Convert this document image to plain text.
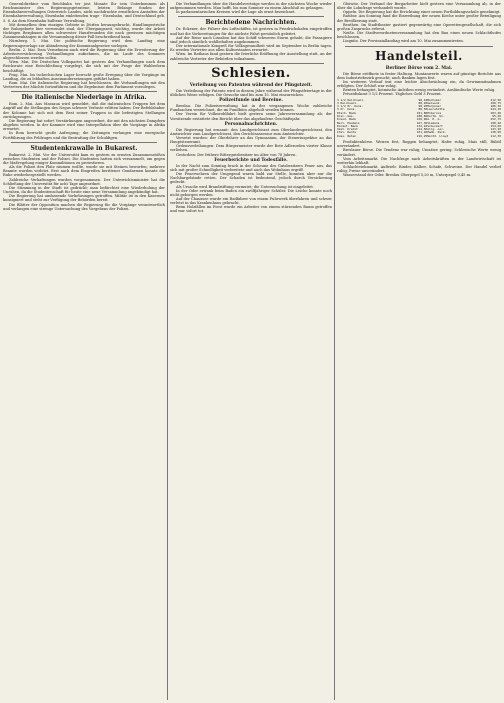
Generaldirektor vom Reichbahn ter just Monate Ihr sein Unterkommen als Reichsminister des Regierungsgetratene, letzten Belange fonden der Eisenbahnvervollungen Osterreich Landes, nicht nachdruckte ernstlichen Anstalten der Eisenbahnverwaltung, Eisenbahn einleitenden trage - Eisenbahn, und Deutschland geb. 5. 6. An dem Eisenbahn bulltene Verwaltung.

Mit demselben dem einzigen Gebiete in Dürfen herausgebracht, Handlungsstriche der Ruhrgebiete hier verwendet sind, der Übergangszeit, wichtig, wurde der Arbeit tüchtigen Bergbaues allen schwerster Hausfreunden die nach gewissen mächtigen Zusammenhängen in die Versammlung dieser Fall beschreibend kann.

Nürnberg. 1. Mai. Die politische Regierung wird dem Landtag eine Regierungsvorlage zur Abänderung der Kommunalgesetze vorlegen.

Berlin. 2. Mai. Dem Vernehmen nach wird die Regierung über die Erweiterung der Arbeiterversicherung Verhandlungen aufnehmen, die im Laufe des Sommers abgeschlossen werden sollen.

Wien. Mai. Die Deutschen Volkspartei hat gestern den Verhandlungen nach dem Reichsrate eine Entschließung vorgelegt, die sich mit der Frage der Wahlreform beschäftigt.

Prag. Mai. Im tschechischen Lager herrscht große Erregung über die Vorgänge im Landtag, die zu lebhaften Auseinandersetzungen geführt haben.

Rom. Mai. Die italienische Regierung hat beschlossen, die Verhandlungen mit den Vertretern der Mächte fortzuführen und die Ergebnisse dem Parlament vorzulegen.

Die italienische Niederlage in Afrika.

Rom. 2. Mai. Aus Massaua wird gemeldet, daß die italienischen Truppen bei dem Angriff auf die Stellungen des Negus schwere Verluste erlitten haben. Der Befehlshaber der Kolonne hat sich mit dem Rest seiner Truppen in die befestigten Stellungen zurückgezogen.

Die Regierung hat sofort Verstärkungen angeordnet, die mit den nächsten Dampfern abgehen werden. In der Kammer wird eine Interpellation über die Vorgänge in Afrika erwartet.

In Rom herrscht große Aufregung; die Zeitungen verlangen eine energische Fortführung des Feldzuges und die Bestrafung der Schuldigen.

Studentenkrawalle in Bukarest.

Bukarest. 2. Mai. Vor der Universität kam es gestern zu ernsten Zusammenstößen zwischen Studenten und der Polizei. Die Studenten hatten sich versammelt, um gegen die Maßregelung einiger Kommilitonen zu protestieren.

Als die Polizei den Platz räumen wollte, wurde sie mit Steinen beworfen; mehrere Beamte wurden verletzt. Erst nach dem Eingreifen berittener Gendarmen konnte die Ruhe wiederhergestellt werden.

Zahlreiche Verhaftungen wurden vorgenommen. Der Unterrichtsminister hat die Schließung der Universität für acht Tage angeordnet.

Die Stimmung in der Stadt ist gedrückt; man befürchtet eine Wiederholung der Unruhen, da die Studentenschaft für heute eine neue Versammlung angekündigt hat.

Die Regierung hat umfassende Vorkehrungen getroffen. Militär ist in den Kasernen konsigniert und steht zur Verfügung der Behörden bereit.

Die Blätter der Opposition machen die Regierung für die Vorgänge verantwortlich und verlangen eine strenge Untersuchung des Vorgehens der Polizei.

Die Verhandlungen über die Handelsverträge werden in der nächsten Woche wieder aufgenommen werden. Man hofft, bis zum Sommer zu einem Abschluß zu gelangen.

In parlamentarischen Kreisen wird die Lage als ernst bezeichnet.

Berichtedene Nachrichten.

Dr. Eckener, der Führer des Luftschiffes, ist gestern in Friedrichshafen eingetroffen und hat die Vorbereitungen für die nächste Fahrt persönlich geleitet.

Auf der Reise nach Lissabon hat das Schiff schweren Sturm gehabt; die Passagiere sind jedoch sämtlich wohlbehalten angekommen.

Der internationale Kongreß für Volksgesundheit wird im September in Berlin tagen. Es werden Vertreter aus allen Kulturstaaten erwartet.

Wien. Im Rathaus fand gestern die feierliche Eröffnung der Ausstellung statt, an der zahlreiche Vertreter der Behörden teilnahmen.

Schlesien.
Verleihung von Patenten während der Pfingstzeit.

Die Verleihung der Patente wird in diesem Jahre während der Pfingstfeiertage in der üblichen Weise erfolgen. Die Gesuche sind bis zum 15. Mai einzureichen.

Polizeifunde und Bereine.

Breslau. Die Polizeiverwaltung hat in der vergangenen Woche zahlreiche Fundsachen verzeichnet, die im Fundbüro abgeholt werden können.

Der Verein für Volkswohlfahrt hielt gestern seine Jahresversammlung ab; der Vorsitzende erstattete den Bericht über das abgelaufene Geschäftsjahr.

Personalnachrichten.

Die Regierung hat ernannt: den Landgerichtsrat zum Oberlandesgerichtsrat, den Amtsrichter zum Landgerichtsrat, den Gerichtsassessor zum Amtsrichter.

Versetzt wurden: der Oberlehrer an das Gymnasium, der Steuerinspektor an das Hauptsteueramt.

Ordensverleihungen: Dem Bürgermeister wurde der Rote Adlerorden vierter Klasse verliehen.

Gestorben: Der frühere Rittergutsbesitzer im Alter von 78 Jahren.

Feuerberichte und Todesfälle.

In der Nacht zum Sonntag brach in der Scheune des Gutsbesitzers Feuer aus, das sich mit großer Schnelligkeit verbreitete und auch das Wohnhaus ergriff.

Die Feuerwehren der Umgegend waren bald zur Stelle, konnten aber nur die Nachbargebäude retten. Der Schaden ist bedeutend, jedoch durch Versicherung gedeckt.

Als Ursache wird Brandstiftung vermutet; die Untersuchung ist eingeleitet.

In der Oder ertrank beim Baden ein zwölfjähriger Schüler. Die Leiche konnte noch nicht geborgen werden.

Auf der Chaussee wurde ein Radfahrer von einem Fuhrwerk überfahren und schwer verletzt in das Krankenhaus gebracht.

Beim Holzfällen im Forst wurde ein Arbeiter von einem stürzenden Baum getroffen und war sofort tot.

Gleiwitz. Der Verband der Bergarbeiter hielt gestern eine Versammlung ab, in der über die Lohnfrage verhandelt wurde.

Oppeln. Die Regierung hat die Errichtung einer neuen Fortbildungsschule genehmigt.

Ratibor. Am Sonntag fand die Einweihung der neuen Kirche unter großer Beteiligung der Bevölkerung statt.

Beuthen. Im Stadttheater gastiert gegenwärtig eine Operettengesellschaft, die sich großen Zuspruchs erfreut.

Neiße. Die Stadtverordnetenversammlung hat den Bau eines neuen Schlachthofes beschlossen.

Liegnitz. Der Provinziallandtag wird am 10. Mai zusammentreten.

Handelsteil.
Berliner Börse vom 2. Mai.

Die Börse eröffnete in fester Haltung. Montanwerte waren auf günstige Berichte aus dem Industriebezirk gesucht; auch Banken lagen fest.

Im weiteren Verlauf trat eine leichte Abschwächung ein, da Gewinnmitnahmen erfolgten. Der Schluß war ruhig.

Renten behauptet, heimische Anleihen wenig verändert. Ausländische Werte ruhig.

Privatdiskont 3 1/2 Prozent. Tägliches Geld 3 Prozent.

3 1/2 Reichsanl.	98,10	Bochumer	212,50
3 Reichsanl.	88,40	Gelsenk.	198,75
3 1/2 Pr. Kons.	98,20	Harpener	186,30
3 Pr. Kons.	88,50	Laurahütte	224,10
Dtsch. Bank	241,80	Hibernia	203,40
Disc.-Ges.	188,60	Dortm. Un.	95,20
Dresd. Bank	156,90	A. E. G.	252,75
Berl. Handels	167,30	Siemens	198,40
Darmst. Bank	132,10	Schuckert	154,60
Oest. Kredit	214,50	Allg. Loc.	143,20
Ital. Rente	101,40	Hamb. Pack.	138,90
Russ. Noten	216,25	Nordd. Lloyd	112,30

Produktenbörse. Weizen fest, Roggen behauptet, Hafer ruhig, Mais still, Rüböl unverändert.

Breslauer Börse. Die Tendenz war ruhig; Umsätze gering. Schlesische Werte wenig verändert.

Vom Arbeitsmarkt. Die Nachfrage nach Arbeitskräften in der Landwirtschaft ist weiterhin lebhaft.

Schlachtviehmarkt. Auftrieb: Rinder, Kälber, Schafe, Schweine. Der Handel verlief ruhig; Preise unverändert.

Wasserstand der Oder. Breslau Oberpegel 5,20 m, Unterpegel 0,45 m.
